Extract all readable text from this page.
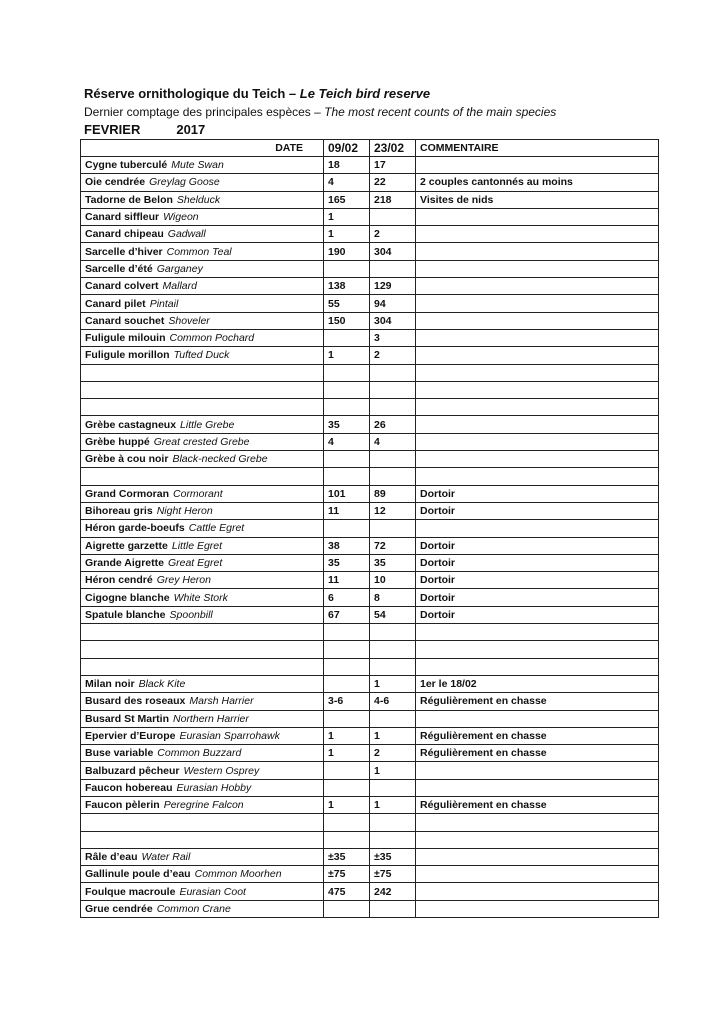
Réserve ornithologique du Teich – Le Teich bird reserve
Dernier comptage des principales espèces – The most recent counts of the main species
FEVRIER	2017
DATE	09/02	23/02	COMMENTAIRE
Cygne tuberculé Mute Swan	18	17	
Oie cendrée Greylag Goose	4	22	2 couples cantonnés au moins
Tadorne de Belon Shelduck	165	218	Visites de nids
Canard siffleur Wigeon	1		
Canard chipeau Gadwall	1	2	
Sarcelle d’hiver Common Teal	190	304	
Sarcelle d’été Garganey			
Canard colvert Mallard	138	129	
Canard pilet Pintail	55	94	
Canard souchet Shoveler	150	304	
Fuligule milouin Common Pochard		3	
Fuligule morillon Tufted Duck	1	2	

Grèbe castagneux Little Grebe	35	26	
Grèbe huppé Great crested Grebe	4	4	
Grèbe à cou noir Black-necked Grebe			

Grand Cormoran Cormorant	101	89	Dortoir
Bihoreau gris Night Heron	11	12	Dortoir
Héron garde-boeufs Cattle Egret			
Aigrette garzette Little Egret	38	72	Dortoir
Grande Aigrette Great Egret	35	35	Dortoir
Héron cendré Grey Heron	11	10	Dortoir
Cigogne blanche White Stork	6	8	Dortoir
Spatule blanche Spoonbill	67	54	Dortoir

Milan noir Black Kite		1	1er le 18/02
Busard des roseaux Marsh Harrier	3-6	4-6	Régulièrement en chasse
Busard St Martin Northern Harrier			
Epervier d’Europe Eurasian Sparrohawk	1	1	Régulièrement en chasse
Buse variable Common Buzzard	1	2	Régulièrement en chasse
Balbuzard pêcheur Western Osprey		1	
Faucon hobereau Eurasian Hobby			
Faucon pèlerin Peregrine Falcon	1	1	Régulièrement en chasse

Râle d’eau Water Rail	±35	±35	
Gallinule poule d’eau Common Moorhen	±75	±75	
Foulque macroule Eurasian Coot	475	242	
Grue cendrée Common Crane			
